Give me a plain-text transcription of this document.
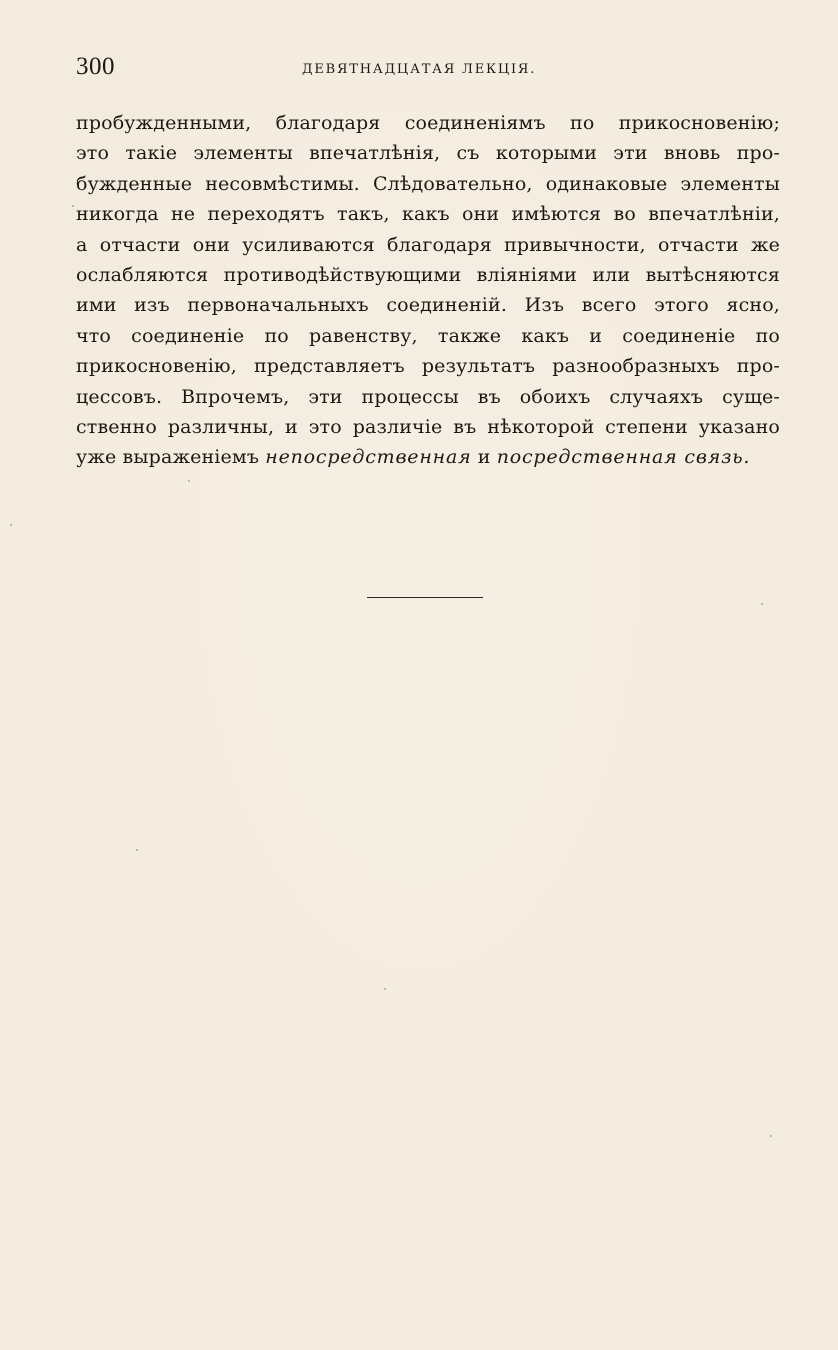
300	ДЕВЯТНАДЦАТАЯ ЛЕКЦІЯ.
пробужденными, благодаря соединеніямъ по прикосновенію;
это такіе элементы впечатлѣнія, съ которыми эти вновь про-
бужденные несовмѣстимы. Слѣдовательно, одинаковые элементы
никогда не переходятъ такъ, какъ они имѣются во впечатлѣніи,
а отчасти они усиливаются благодаря привычности, отчасти же
ослабляются противодѣйствующими вліяніями или вытѣсняются
ими изъ первоначальныхъ соединеній. Изъ всего этого ясно,
что соединеніе по равенству, также какъ и соединеніе по
прикосновенію, представляетъ результатъ разнообразныхъ про-
цессовъ. Впрочемъ, эти процессы въ обоихъ случаяхъ суще-
ственно различны, и это различіе въ нѣкоторой степени указано
уже выраженіемъ непосредственная и посредственная связь.
